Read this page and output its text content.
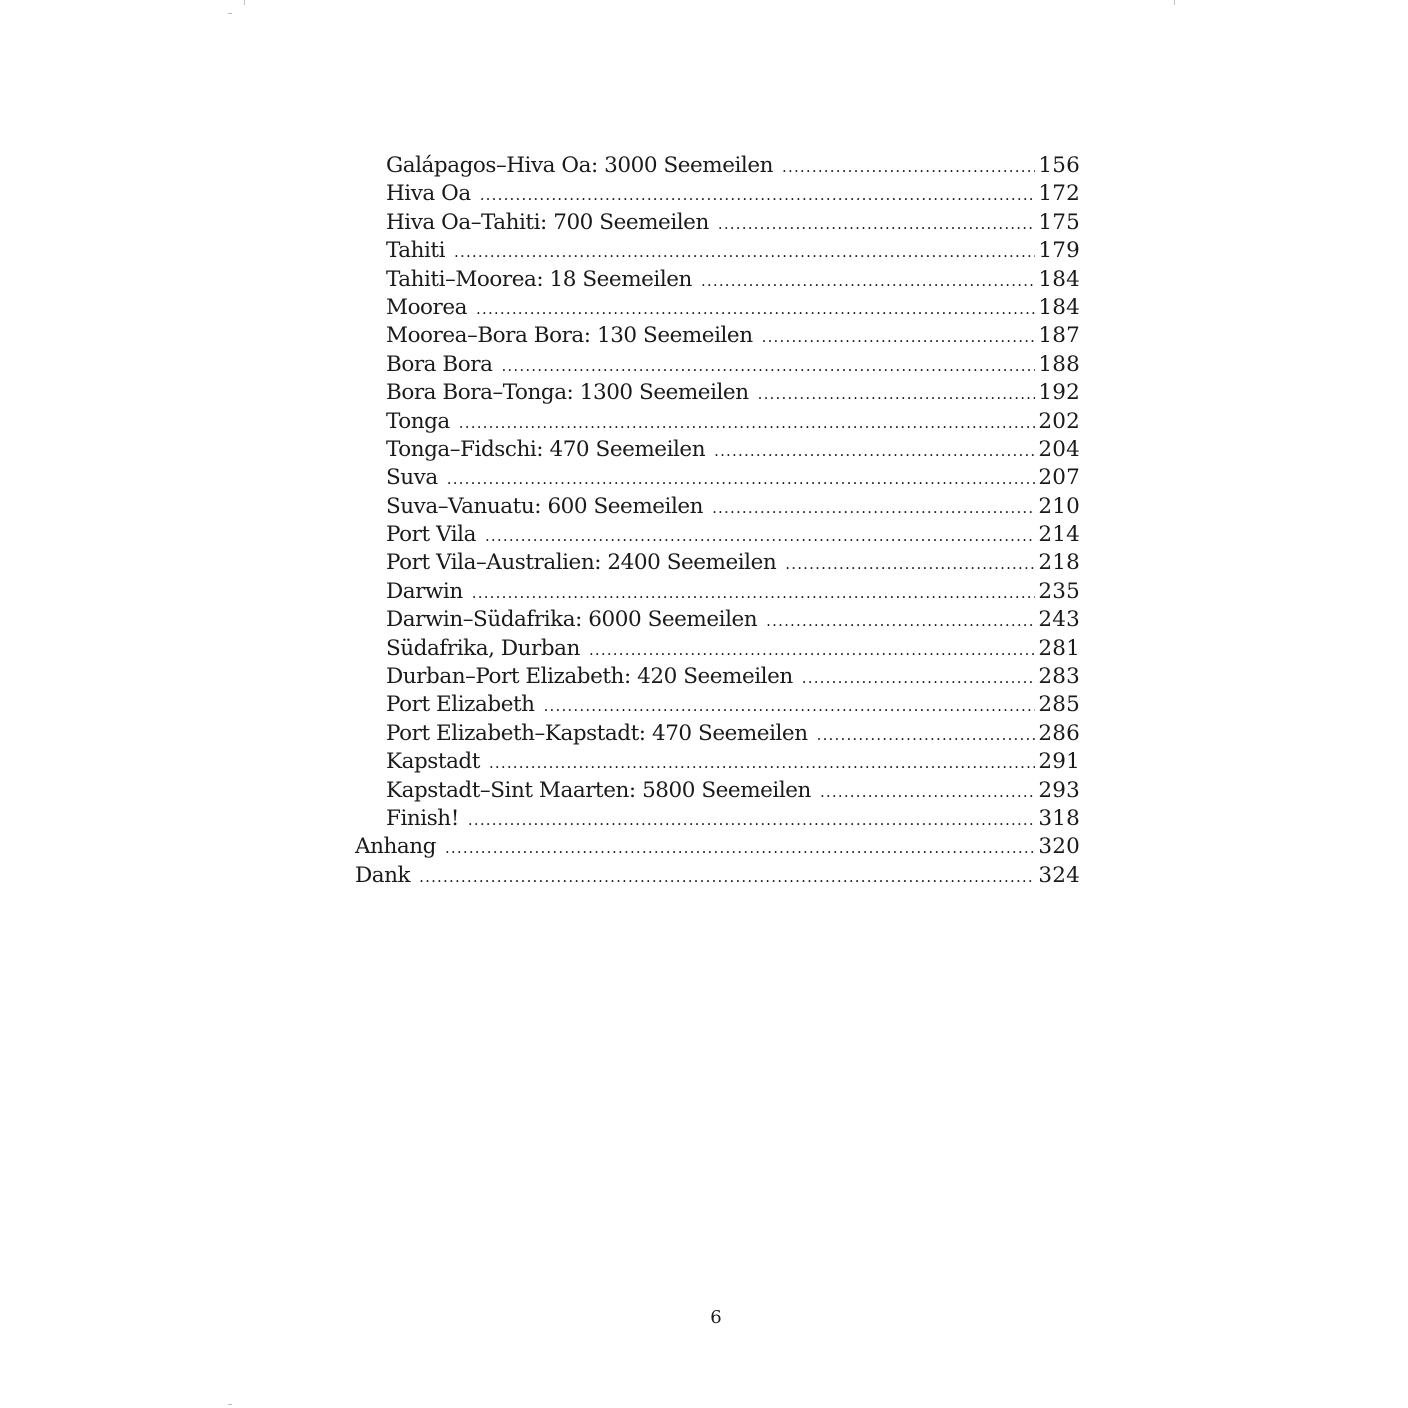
Galápagos–Hiva Oa: 3000 Seemeilen .....	156
Hiva Oa .....	172
Hiva Oa–Tahiti: 700 Seemeilen .....	175
Tahiti .....	179
Tahiti–Moorea: 18 Seemeilen .....	184
Moorea .....	184
Moorea–Bora Bora: 130 Seemeilen .....	187
Bora Bora .....	188
Bora Bora–Tonga: 1300 Seemeilen .....	192
Tonga .....	202
Tonga–Fidschi: 470 Seemeilen .....	204
Suva .....	207
Suva–Vanuatu: 600 Seemeilen .....	210
Port Vila .....	214
Port Vila–Australien: 2400 Seemeilen .....	218
Darwin .....	235
Darwin–Südafrika: 6000 Seemeilen .....	243
Südafrika, Durban .....	281
Durban–Port Elizabeth: 420 Seemeilen .....	283
Port Elizabeth .....	285
Port Elizabeth–Kapstadt: 470 Seemeilen .....	286
Kapstadt .....	291
Kapstadt–Sint Maarten: 5800 Seemeilen .....	293
Finish! .....	318
Anhang .....	320
Dank .....	324
6
